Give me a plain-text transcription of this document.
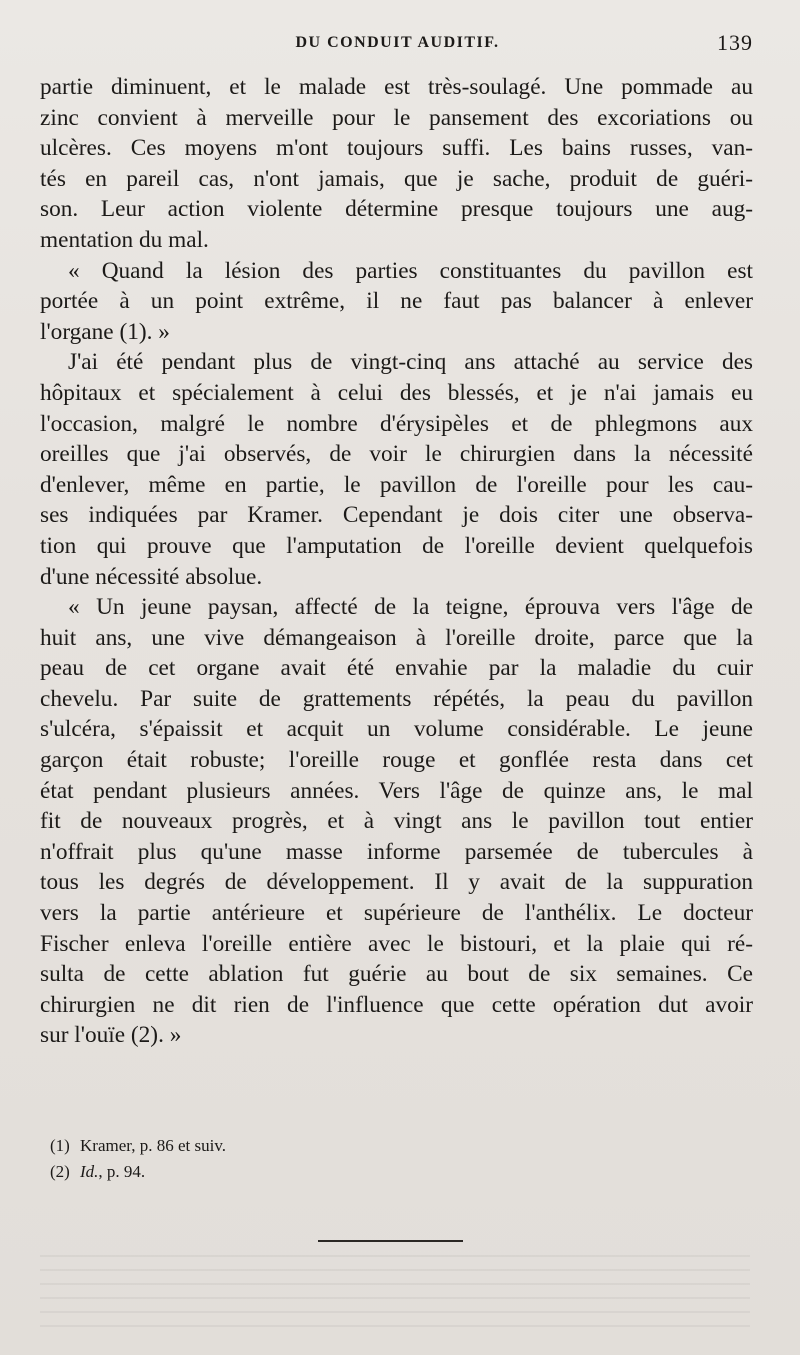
DU CONDUIT AUDITIF.	139

partie diminuent, et le malade est très-soulagé. Une pommade au
zinc convient à merveille pour le pansement des excoriations ou
ulcères. Ces moyens m'ont toujours suffi. Les bains russes, van-
tés en pareil cas, n'ont jamais, que je sache, produit de guéri-
son. Leur action violente détermine presque toujours une aug-
mentation du mal.

« Quand la lésion des parties constituantes du pavillon est
portée à un point extrême, il ne faut pas balancer à enlever
l'organe (1). »

J'ai été pendant plus de vingt-cinq ans attaché au service des
hôpitaux et spécialement à celui des blessés, et je n'ai jamais eu
l'occasion, malgré le nombre d'érysipèles et de phlegmons aux
oreilles que j'ai observés, de voir le chirurgien dans la nécessité
d'enlever, même en partie, le pavillon de l'oreille pour les cau-
ses indiquées par Kramer. Cependant je dois citer une observa-
tion qui prouve que l'amputation de l'oreille devient quelquefois
d'une nécessité absolue.

« Un jeune paysan, affecté de la teigne, éprouva vers l'âge de
huit ans, une vive démangeaison à l'oreille droite, parce que la
peau de cet organe avait été envahie par la maladie du cuir
chevelu. Par suite de grattements répétés, la peau du pavillon
s'ulcéra, s'épaissit et acquit un volume considérable. Le jeune
garçon était robuste; l'oreille rouge et gonflée resta dans cet
état pendant plusieurs années. Vers l'âge de quinze ans, le mal
fit de nouveaux progrès, et à vingt ans le pavillon tout entier
n'offrait plus qu'une masse informe parsemée de tubercules à
tous les degrés de développement. Il y avait de la suppuration
vers la partie antérieure et supérieure de l'anthélix. Le docteur
Fischer enleva l'oreille entière avec le bistouri, et la plaie qui ré-
sulta de cette ablation fut guérie au bout de six semaines. Ce
chirurgien ne dit rien de l'influence que cette opération dut avoir
sur l'ouïe (2). »

(1) Kramer, p. 86 et suiv.
(2) Id., p. 94.
